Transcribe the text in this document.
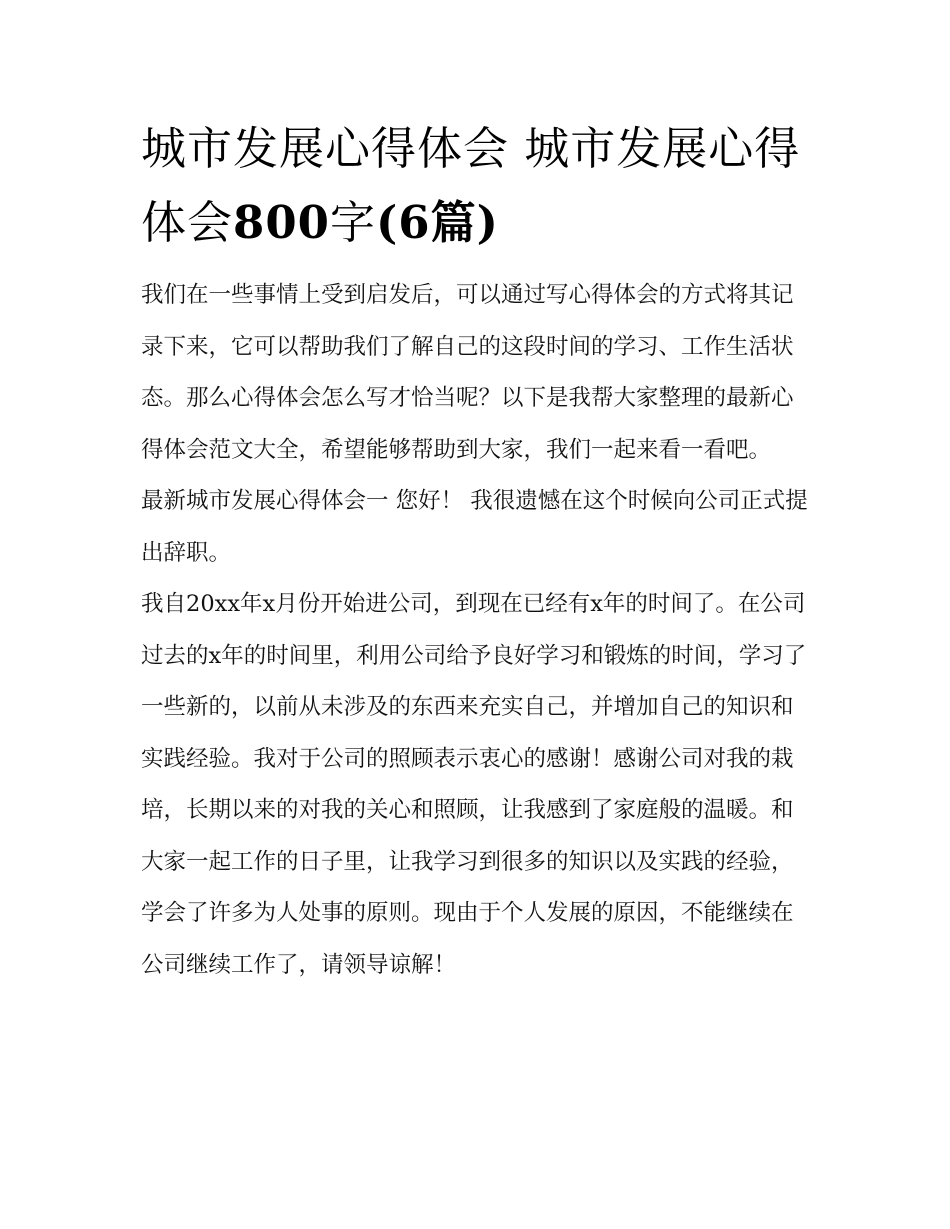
城市发展心得体会 城市发展心得体会800字(6篇)

我们在一些事情上受到启发后，可以通过写心得体会的方式将其记录下来，它可以帮助我们了解自己的这段时间的学习、工作生活状态。那么心得体会怎么写才恰当呢？以下是我帮大家整理的最新心得体会范文大全，希望能够帮助到大家，我们一起来看一看吧。

最新城市发展心得体会一 您好！ 我很遗憾在这个时候向公司正式提出辞职。

我自20xx年x月份开始进公司，到现在已经有x年的时间了。在公司过去的x年的时间里，利用公司给予良好学习和锻炼的时间，学习了一些新的，以前从未涉及的东西来充实自己，并增加自己的知识和实践经验。我对于公司的照顾表示衷心的感谢！感谢公司对我的栽培，长期以来的对我的关心和照顾，让我感到了家庭般的温暖。和大家一起工作的日子里，让我学习到很多的知识以及实践的经验，学会了许多为人处事的原则。现由于个人发展的原因，不能继续在公司继续工作了，请领导谅解！
